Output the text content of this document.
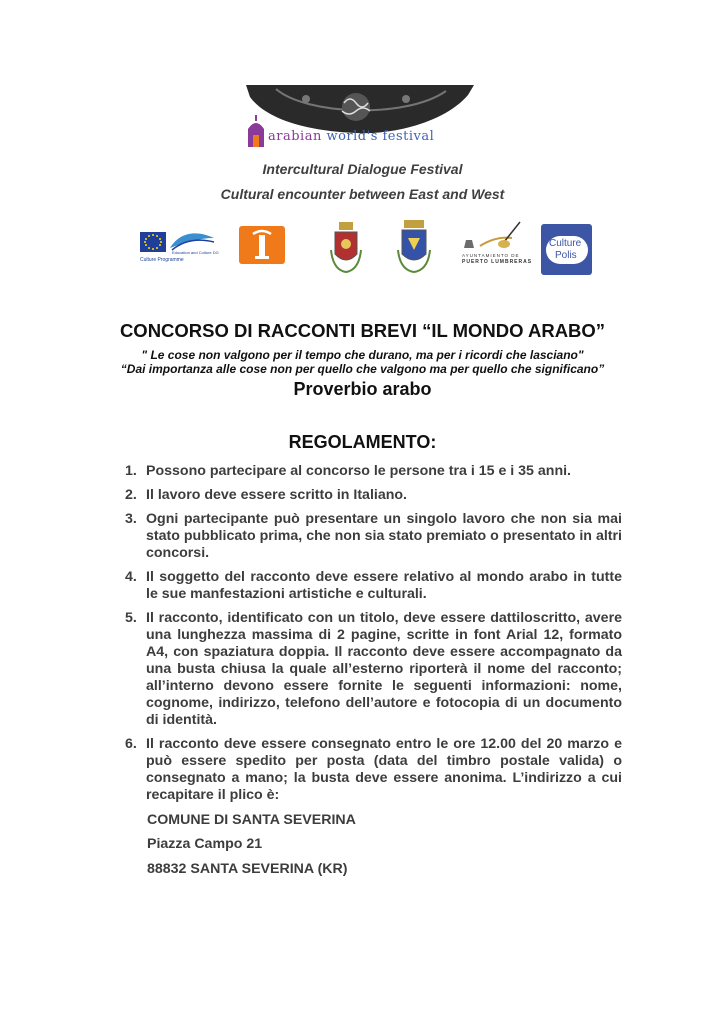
arabian world's festival
Intercultural Dialogue Festival
Cultural encounter between East and West
Culture Programme
Education and Culture DG
AYUNTAMIENTO DE
PUERTO LUMBRERAS
Culture
Polis
CONCORSO DI RACCONTI BREVI “IL MONDO ARABO”
" Le cose non valgono per il tempo che durano, ma per i ricordi che lasciano"
“Dai importanza alle cose non per quello che valgono ma per quello che significano”
Proverbio arabo
REGOLAMENTO:
1. Possono partecipare al concorso le persone tra i 15 e i 35 anni.
2. Il lavoro deve essere scritto in Italiano.
3. Ogni partecipante può presentare un singolo lavoro che non sia mai stato pubblicato prima, che non sia stato premiato o presentato in altri concorsi.
4. Il soggetto del racconto deve essere relativo al mondo arabo in tutte le sue manfestazioni artistiche e culturali.
5. Il racconto, identificato con un titolo, deve essere dattiloscritto, avere una lunghezza massima di 2 pagine, scritte in font Arial 12, formato A4, con spaziatura doppia. Il racconto deve essere accompagnato da una busta chiusa la quale all’esterno riporterà il nome del racconto; all’interno devono essere fornite le seguenti informazioni: nome, cognome, indirizzo, telefono dell’autore e fotocopia di un documento di identità.
6. Il racconto deve essere consegnato entro le ore 12.00 del 20 marzo e può essere spedito per posta (data del timbro postale valida) o consegnato a mano; la busta deve essere anonima. L’indirizzo a cui recapitare il plico è:
COMUNE DI SANTA SEVERINA
Piazza Campo 21
88832 SANTA SEVERINA (KR)
